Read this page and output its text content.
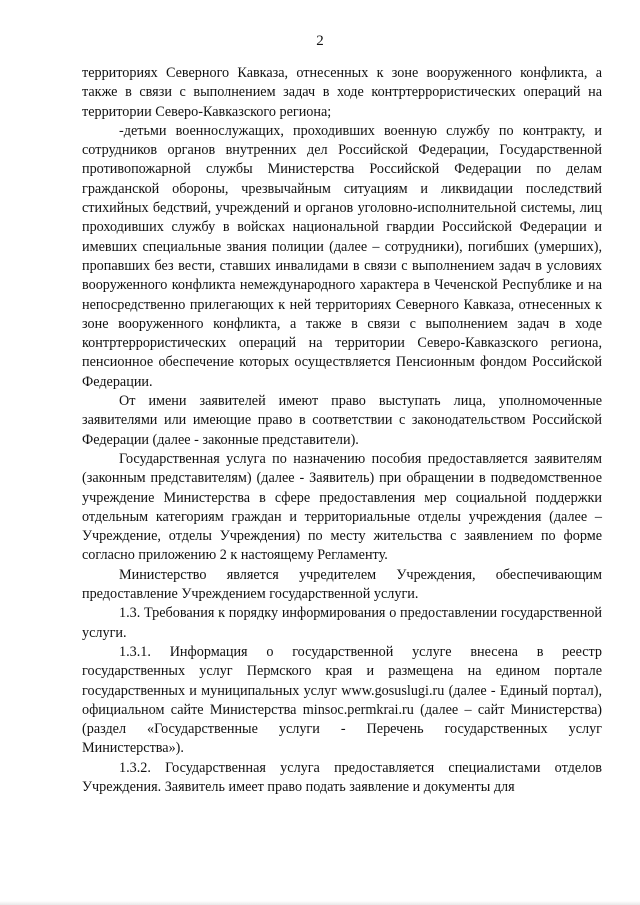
2

территориях Северного Кавказа, отнесенных к зоне вооруженного конфликта, а также в связи с выполнением задач в ходе контртеррористических операций на территории Северо-Кавказского региона;

-детьми военнослужащих, проходивших военную службу по контракту, и сотрудников органов внутренних дел Российской Федерации, Государственной противопожарной службы Министерства Российской Федерации по делам гражданской обороны, чрезвычайным ситуациям и ликвидации последствий стихийных бедствий, учреждений и органов уголовно-исполнительной системы, лиц проходивших службу в войсках национальной гвардии Российской Федерации и имевших специальные звания полиции (далее – сотрудники), погибших (умерших), пропавших без вести, ставших инвалидами в связи с выполнением задач в условиях вооруженного конфликта немеждународного характера в Чеченской Республике и на непосредственно прилегающих к ней территориях Северного Кавказа, отнесенных к зоне вооруженного конфликта, а также в связи с выполнением задач в ходе контртеррористических операций на территории Северо-Кавказского региона, пенсионное обеспечение которых осуществляется Пенсионным фондом Российской Федерации.

От имени заявителей имеют право выступать лица, уполномоченные заявителями или имеющие право в соответствии с законодательством Российской Федерации (далее - законные представители).

Государственная услуга по назначению пособия предоставляется заявителям (законным представителям) (далее - Заявитель) при обращении в подведомственное учреждение Министерства в сфере предоставления мер социальной поддержки отдельным категориям граждан и территориальные отделы учреждения (далее – Учреждение, отделы Учреждения) по месту жительства с заявлением по форме согласно приложению 2 к настоящему Регламенту.

Министерство является учредителем Учреждения, обеспечивающим предоставление Учреждением государственной услуги.

1.3. Требования к порядку информирования о предоставлении государственной услуги.

1.3.1. Информация о государственной услуге внесена в реестр государственных услуг Пермского края и размещена на едином портале государственных и муниципальных услуг www.gosuslugi.ru (далее - Единый портал), официальном сайте Министерства minsoc.permkrai.ru (далее – сайт Министерства) (раздел «Государственные услуги - Перечень государственных услуг Министерства»).

1.3.2. Государственная услуга предоставляется специалистами отделов Учреждения. Заявитель имеет право подать заявление и документы для
